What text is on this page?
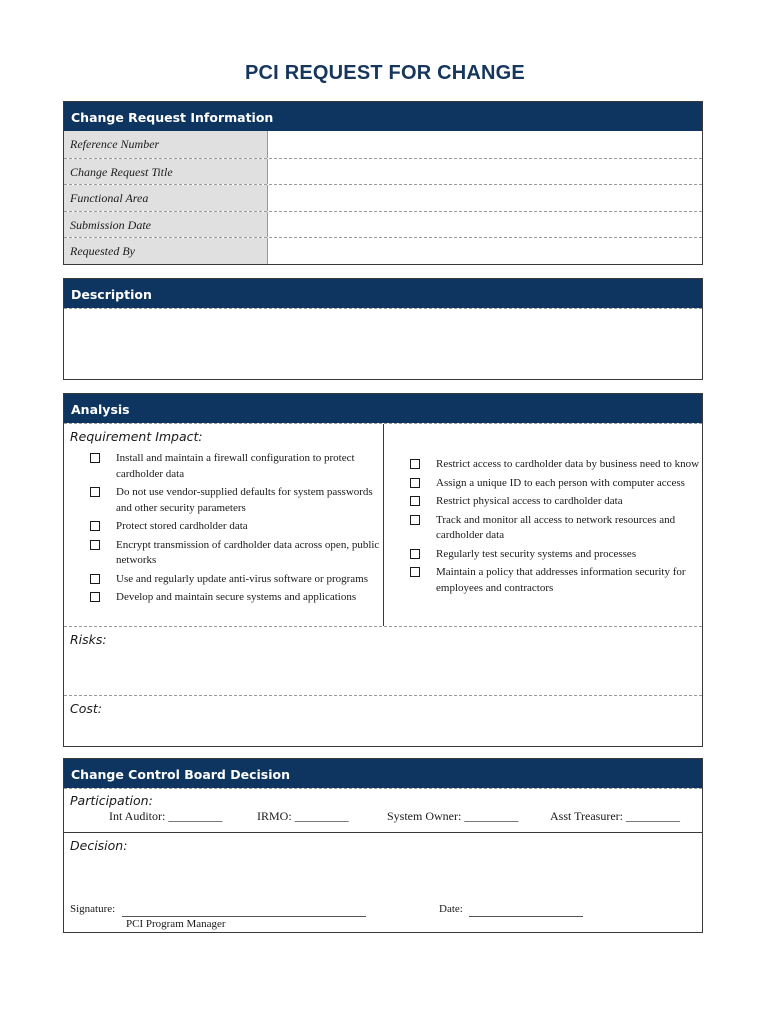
PCI REQUEST FOR CHANGE
Change Request Information
Reference Number
Change Request Title
Functional Area
Submission Date
Requested By
Description
Analysis
Requirement Impact:
Install and maintain a firewall configuration to protect cardholder data
Do not use vendor-supplied defaults for system passwords and other security parameters
Protect stored cardholder data
Encrypt transmission of cardholder data across open, public networks
Use and regularly update anti-virus software or programs
Develop and maintain secure systems and applications
Restrict access to cardholder data by business need to know
Assign a unique ID to each person with computer access
Restrict physical access to cardholder data
Track and monitor all access to network resources and cardholder data
Regularly test security systems and processes
Maintain a policy that addresses information security for employees and contractors
Risks:
Cost:
Change Control Board Decision
Participation:
Int Auditor: _________	IRMO: _________	System Owner: _________	Asst Treasurer: _________
Decision:
Signature:
PCI Program Manager
Date:
